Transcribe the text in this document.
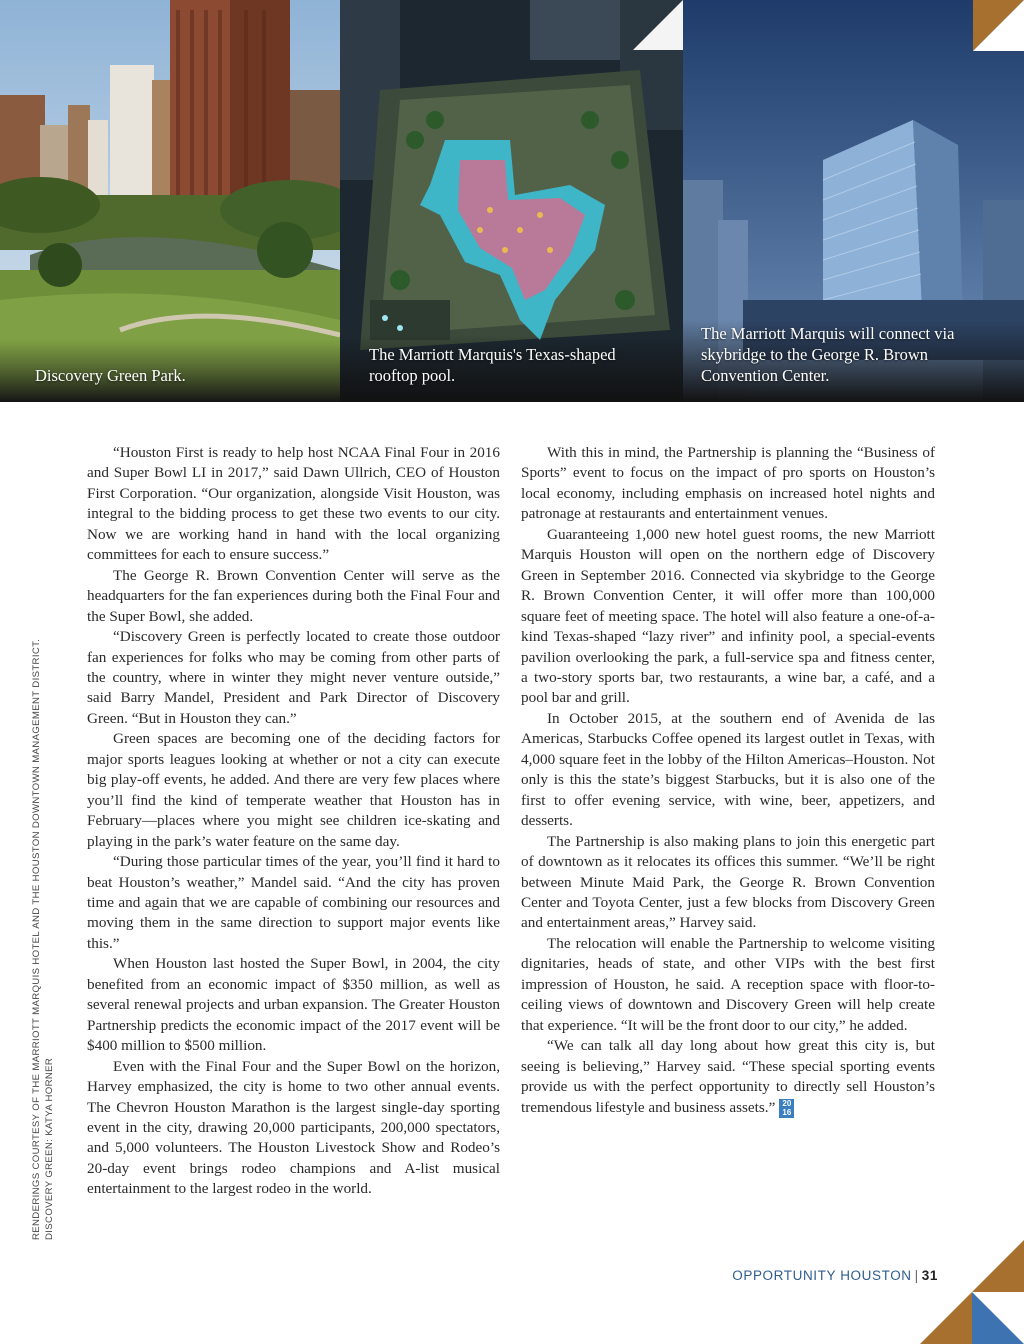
Discovery Green Park.
The Marriott Marquis's Texas-shaped rooftop pool.
The Marriott Marquis will connect via skybridge to the George R. Brown Convention Center.

“Houston First is ready to help host NCAA Final Four in 2016 and Super Bowl LI in 2017,” said Dawn Ullrich, CEO of Houston First Corporation. “Our organization, alongside Visit Houston, was integral to the bidding process to get these two events to our city. Now we are working hand in hand with the local organizing committees for each to ensure success.”

The George R. Brown Convention Center will serve as the headquarters for the fan experiences during both the Final Four and the Super Bowl, she added.

“Discovery Green is perfectly located to create those outdoor fan experiences for folks who may be coming from other parts of the country, where in winter they might never venture outside,” said Barry Mandel, President and Park Director of Discovery Green. “But in Houston they can.”

Green spaces are becoming one of the deciding factors for major sports leagues looking at whether or not a city can execute big play-off events, he added. And there are very few places where you’ll find the kind of temperate weather that Houston has in February––places where you might see children ice-skating and playing in the park’s water feature on the same day.

“During those particular times of the year, you’ll find it hard to beat Houston’s weather,” Mandel said. “And the city has proven time and again that we are capable of combining our resources and moving them in the same direction to support major events like this.”

When Houston last hosted the Super Bowl, in 2004, the city benefited from an economic impact of $350 million, as well as several renewal projects and urban expansion. The Greater Houston Partnership predicts the economic impact of the 2017 event will be $400 million to $500 million.

Even with the Final Four and the Super Bowl on the horizon, Harvey emphasized, the city is home to two other annual events. The Chevron Houston Marathon is the largest single-day sporting event in the city, drawing 20,000 participants, 200,000 spectators, and 5,000 volunteers. The Houston Livestock Show and Rodeo’s 20-day event brings rodeo champions and A-list musical entertainment to the largest rodeo in the world.

With this in mind, the Partnership is planning the “Business of Sports” event to focus on the impact of pro sports on Houston’s local economy, including emphasis on increased hotel nights and patronage at restaurants and entertainment venues.

Guaranteeing 1,000 new hotel guest rooms, the new Marriott Marquis Houston will open on the northern edge of Discovery Green in September 2016. Connected via skybridge to the George R. Brown Convention Center, it will offer more than 100,000 square feet of meeting space. The hotel will also feature a one-of-a-kind Texas-shaped “lazy river” and infinity pool, a special-events pavilion overlooking the park, a full-service spa and fitness center, a two-story sports bar, two restaurants, a wine bar, a café, and a pool bar and grill.

In October 2015, at the southern end of Avenida de las Americas, Starbucks Coffee opened its largest outlet in Texas, with 4,000 square feet in the lobby of the Hilton Americas–Houston. Not only is this the state’s biggest Starbucks, but it is also one of the first to offer evening service, with wine, beer, appetizers, and desserts.

The Partnership is also making plans to join this energetic part of downtown as it relocates its offices this summer. “We’ll be right between Minute Maid Park, the George R. Brown Convention Center and Toyota Center, just a few blocks from Discovery Green and entertainment areas,” Harvey said.

The relocation will enable the Partnership to welcome visiting dignitaries, heads of state, and other VIPs with the best first impression of Houston, he said. A reception space with floor-to-ceiling views of downtown and Discovery Green will help create that experience. “It will be the front door to our city,” he added.

“We can talk all day long about how great this city is, but seeing is believing,” Harvey said. “These special sporting events provide us with the perfect opportunity to directly sell Houston’s tremendous lifestyle and business assets.” 20
16

RENDERINGS COURTESY OF THE MARRIOTT MARQUIS HOTEL AND THE HOUSTON DOWNTOWN MANAGEMENT DISTRICT. DISCOVERY GREEN: KATYA HORNER
OPPORTUNITY HOUSTON | 31
